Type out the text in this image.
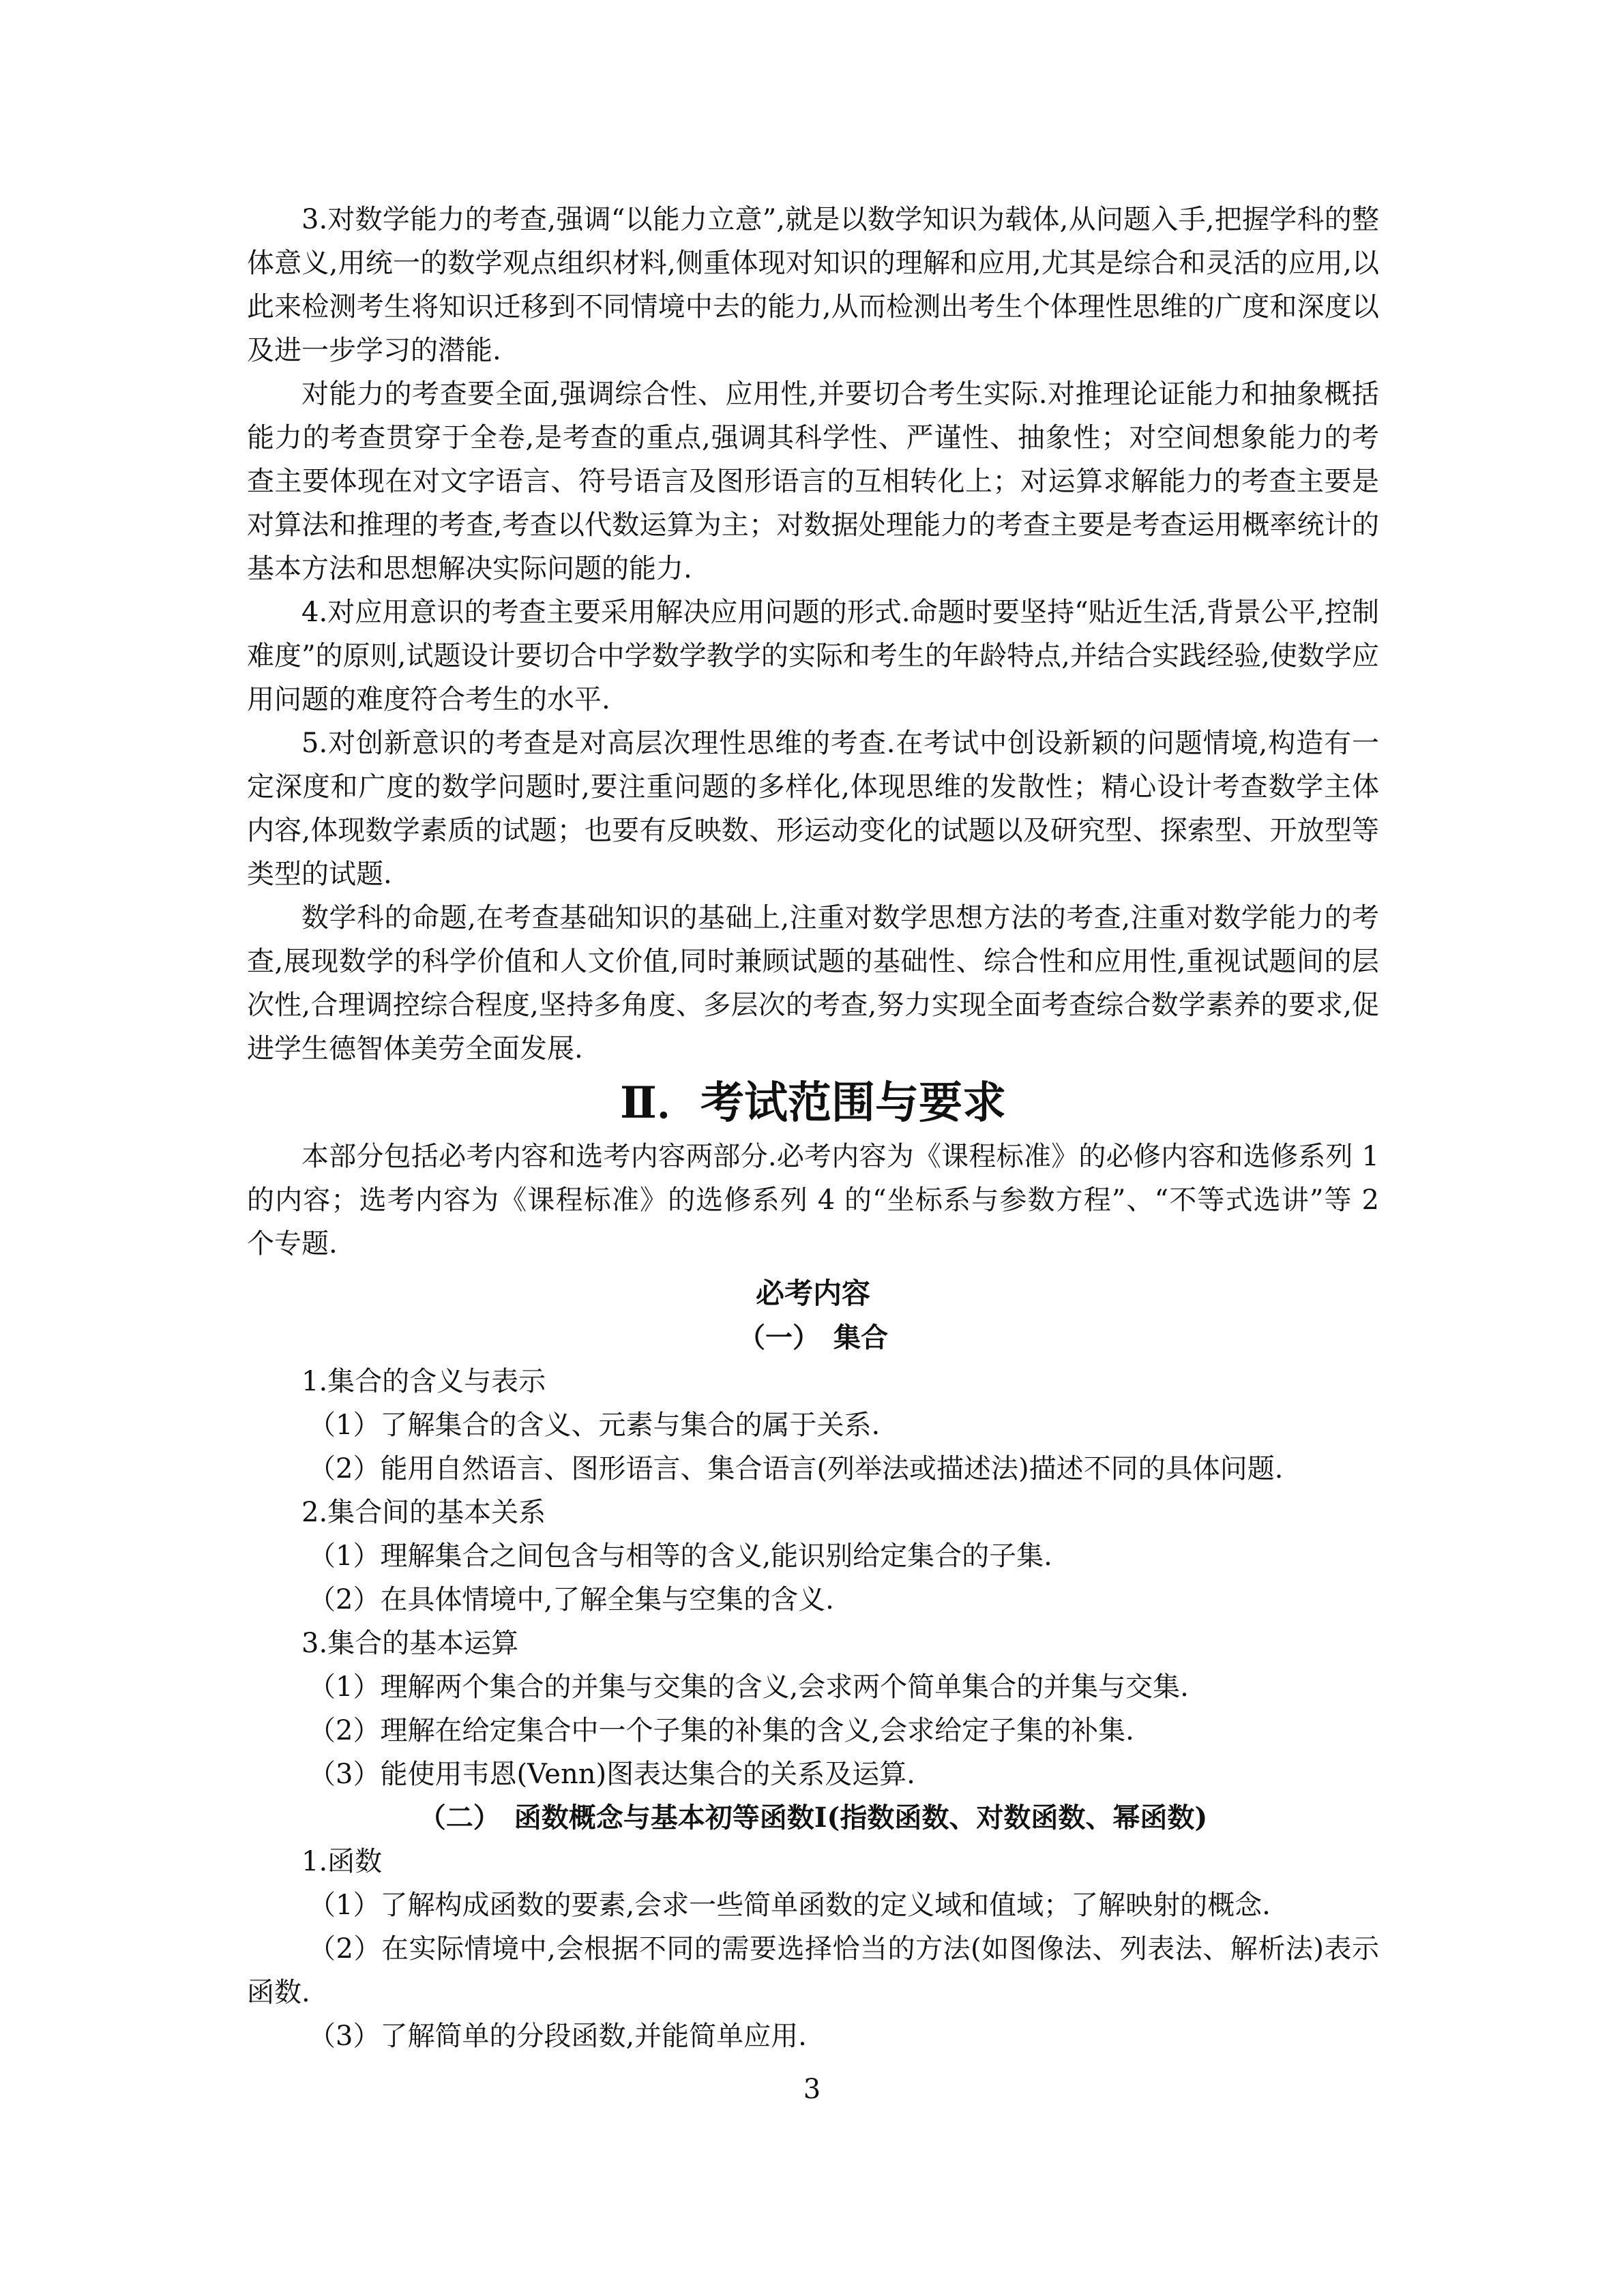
3.对数学能力的考查,强调“以能力立意”,就是以数学知识为载体,从问题入手,把握学科的整体意义,用统一的数学观点组织材料,侧重体现对知识的理解和应用,尤其是综合和灵活的应用,以此来检测考生将知识迁移到不同情境中去的能力,从而检测出考生个体理性思维的广度和深度以及进一步学习的潜能.

对能力的考查要全面,强调综合性、应用性,并要切合考生实际.对推理论证能力和抽象概括能力的考查贯穿于全卷,是考查的重点,强调其科学性、严谨性、抽象性；对空间想象能力的考查主要体现在对文字语言、符号语言及图形语言的互相转化上；对运算求解能力的考查主要是对算法和推理的考查,考查以代数运算为主；对数据处理能力的考查主要是考查运用概率统计的基本方法和思想解决实际问题的能力.

4.对应用意识的考查主要采用解决应用问题的形式.命题时要坚持“贴近生活,背景公平,控制难度”的原则,试题设计要切合中学数学教学的实际和考生的年龄特点,并结合实践经验,使数学应用问题的难度符合考生的水平.

5.对创新意识的考查是对高层次理性思维的考查.在考试中创设新颖的问题情境,构造有一定深度和广度的数学问题时,要注重问题的多样化,体现思维的发散性；精心设计考查数学主体内容,体现数学素质的试题；也要有反映数、形运动变化的试题以及研究型、探索型、开放型等类型的试题.

数学科的命题,在考查基础知识的基础上,注重对数学思想方法的考查,注重对数学能力的考查,展现数学的科学价值和人文价值,同时兼顾试题的基础性、综合性和应用性,重视试题间的层次性,合理调控综合程度,坚持多角度、多层次的考查,努力实现全面考查综合数学素养的要求,促进学生德智体美劳全面发展.

Ⅱ．考试范围与要求

本部分包括必考内容和选考内容两部分.必考内容为《课程标准》的必修内容和选修系列 1 的内容；选考内容为《课程标准》的选修系列 4 的“坐标系与参数方程”、“不等式选讲”等 2 个专题.

必考内容
（一）　集合

1.集合的含义与表示

（1）了解集合的含义、元素与集合的属于关系.

（2）能用自然语言、图形语言、集合语言(列举法或描述法)描述不同的具体问题.

2.集合间的基本关系

（1）理解集合之间包含与相等的含义,能识别给定集合的子集.

（2）在具体情境中,了解全集与空集的含义.

3.集合的基本运算

（1）理解两个集合的并集与交集的含义,会求两个简单集合的并集与交集.

（2）理解在给定集合中一个子集的补集的含义,会求给定子集的补集.

（3）能使用韦恩(Venn)图表达集合的关系及运算.

（二）　函数概念与基本初等函数Ⅰ(指数函数、对数函数、幂函数)

1.函数

（1）了解构成函数的要素,会求一些简单函数的定义域和值域；了解映射的概念.

（2）在实际情境中,会根据不同的需要选择恰当的方法(如图像法、列表法、解析法)表示函数.

（3）了解简单的分段函数,并能简单应用.

3
